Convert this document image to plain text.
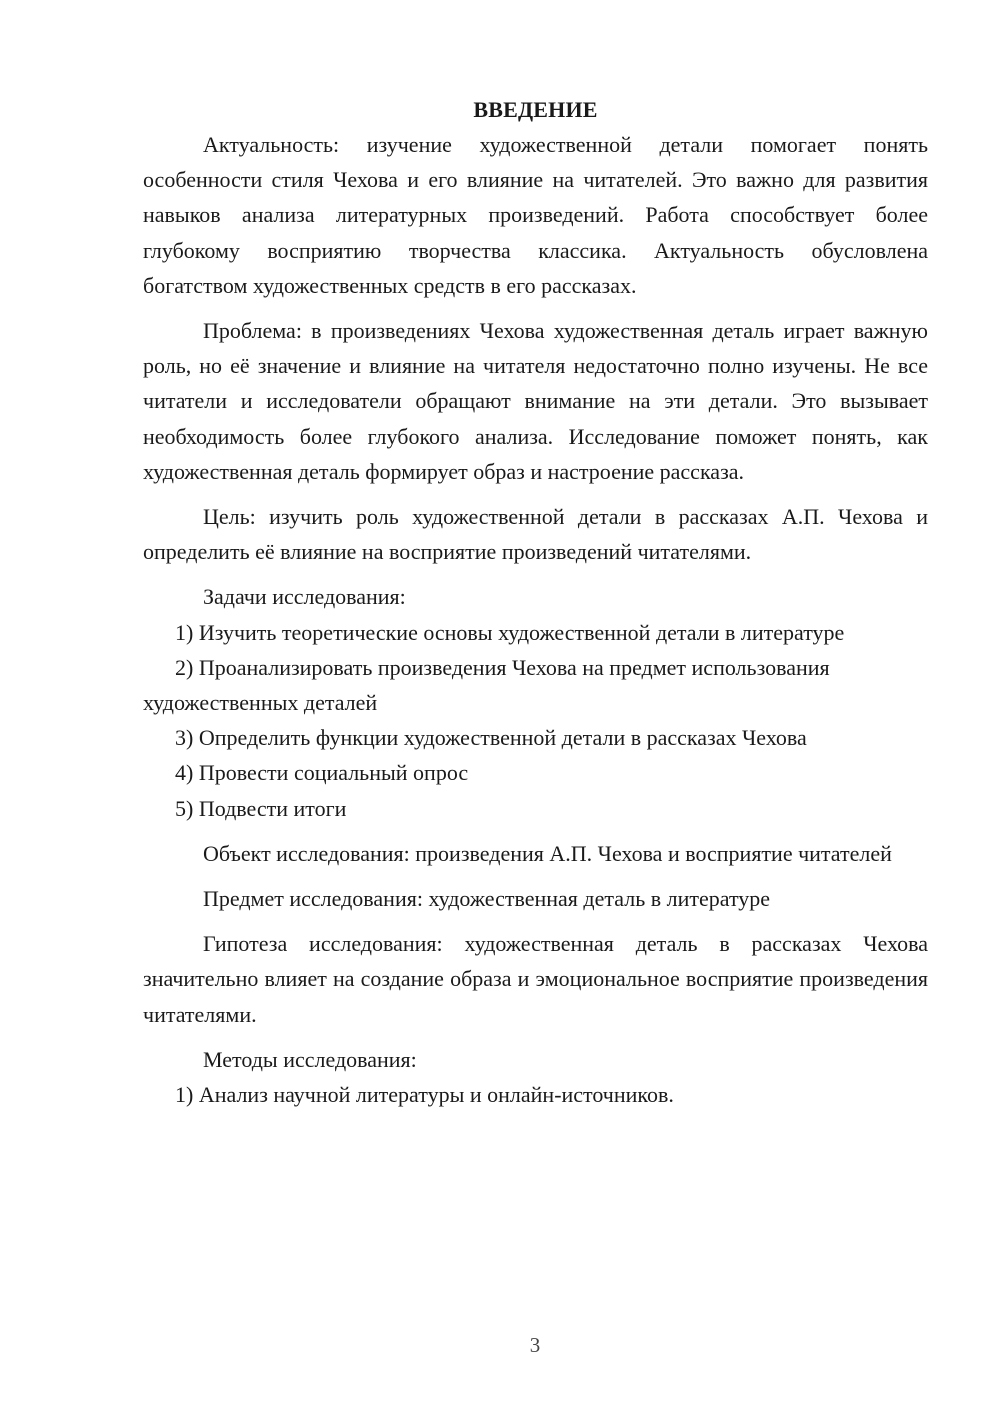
ВВЕДЕНИЕ

Актуальность: изучение художественной детали помогает понять особенности стиля Чехова и его влияние на читателей. Это важно для развития навыков анализа литературных произведений. Работа способствует более глубокому восприятию творчества классика. Актуальность обусловлена богатством художественных средств в его рассказах.

Проблема: в произведениях Чехова художественная деталь играет важную роль, но её значение и влияние на читателя недостаточно полно изучены. Не все читатели и исследователи обращают внимание на эти детали. Это вызывает необходимость более глубокого анализа. Исследование поможет понять, как художественная деталь формирует образ и настроение рассказа.

Цель: изучить роль художественной детали в рассказах А.П. Чехова и определить её влияние на восприятие произведений читателями.

Задачи исследования:

1) Изучить теоретические основы художественной детали в литературе

2) Проанализировать произведения Чехова на предмет использования художественных деталей

3) Определить функции художественной детали в рассказах Чехова

4) Провести социальный опрос

5) Подвести итоги

Объект исследования: произведения А.П. Чехова и восприятие читателей

Предмет исследования: художественная деталь в литературе

Гипотеза исследования: художественная деталь в рассказах Чехова значительно влияет на создание образа и эмоциональное восприятие произведения читателями.

Методы исследования:

1) Анализ научной литературы и онлайн-источников.

3
